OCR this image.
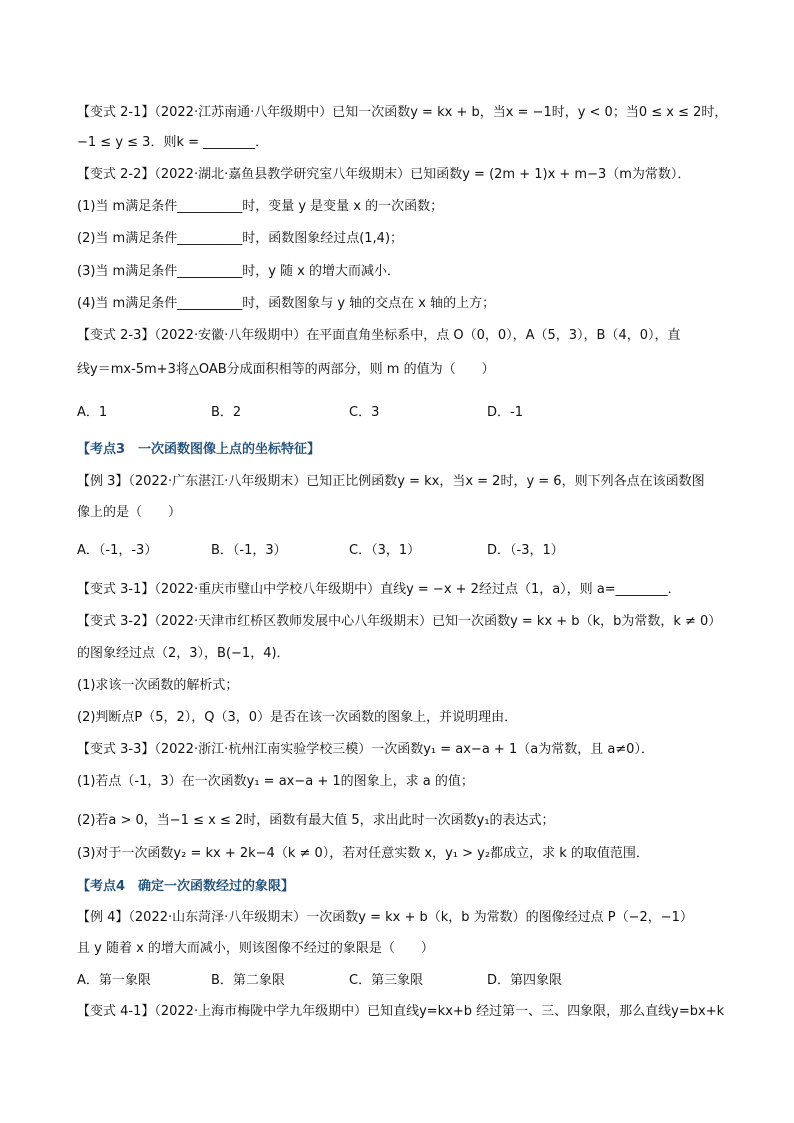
【变式 2-1】（2022·江苏南通·八年级期中）已知一次函数y = kx + b，当x = −1时，y < 0；当0 ≤ x ≤ 2时，
−1 ≤ y ≤ 3．则k = ________．
【变式 2-2】（2022·湖北·嘉鱼县教学研究室八年级期末）已知函数y = (2m + 1)x + m−3（m为常数）．
(1)当 m满足条件__________时，变量 y 是变量 x 的一次函数；
(2)当 m满足条件__________时，函数图象经过点(1,4)；
(3)当 m满足条件__________时，y 随 x 的增大而减小．
(4)当 m满足条件__________时，函数图象与 y 轴的交点在 x 轴的上方；
【变式 2-3】（2022·安徽·八年级期中）在平面直角坐标系中，点 O（0，0），A（5，3），B（4，0），直
线y＝mx-5m+3将△OAB分成面积相等的两部分，则 m 的值为（　　）
A．1	B．2	C．3	D．-1
【考点3　一次函数图像上点的坐标特征】
【例 3】（2022·广东湛江·八年级期末）已知正比例函数y = kx，当x = 2时，y = 6，则下列各点在该函数图
像上的是（　　）
A．（-1，-3）	B．（-1，3）	C．（3，1）	D．（-3，1）
【变式 3-1】（2022·重庆市璧山中学校八年级期中）直线y = −x + 2经过点（1，a），则 a=________．
【变式 3-2】（2022·天津市红桥区教师发展中心八年级期末）已知一次函数y = kx + b（k，b为常数，k ≠ 0）
的图象经过点（2，3），B(−1，4)．
(1)求该一次函数的解析式；
(2)判断点P（5，2），Q（3，0）是否在该一次函数的图象上，并说明理由．
【变式 3-3】（2022·浙江·杭州江南实验学校三模）一次函数y₁ = ax−a + 1（a为常数，且 a≠0）．
(1)若点（-1，3）在一次函数y₁ = ax−a + 1的图象上，求 a 的值；
(2)若a > 0，当−1 ≤ x ≤ 2时，函数有最大值 5，求出此时一次函数y₁的表达式；
(3)对于一次函数y₂ = kx + 2k−4（k ≠ 0），若对任意实数 x，y₁ > y₂都成立，求 k 的取值范围．
【考点4　确定一次函数经过的象限】
【例 4】（2022·山东菏泽·八年级期末）一次函数y = kx + b（k，b 为常数）的图像经过点 P（−2，−1）
且 y 随着 x 的增大而减小，则该图像不经过的象限是（　　）
A．第一象限	B．第二象限	C．第三象限	D．第四象限
【变式 4-1】（2022·上海市梅陇中学九年级期中）已知直线y=kx+b 经过第一、三、四象限，那么直线y=bx+k
